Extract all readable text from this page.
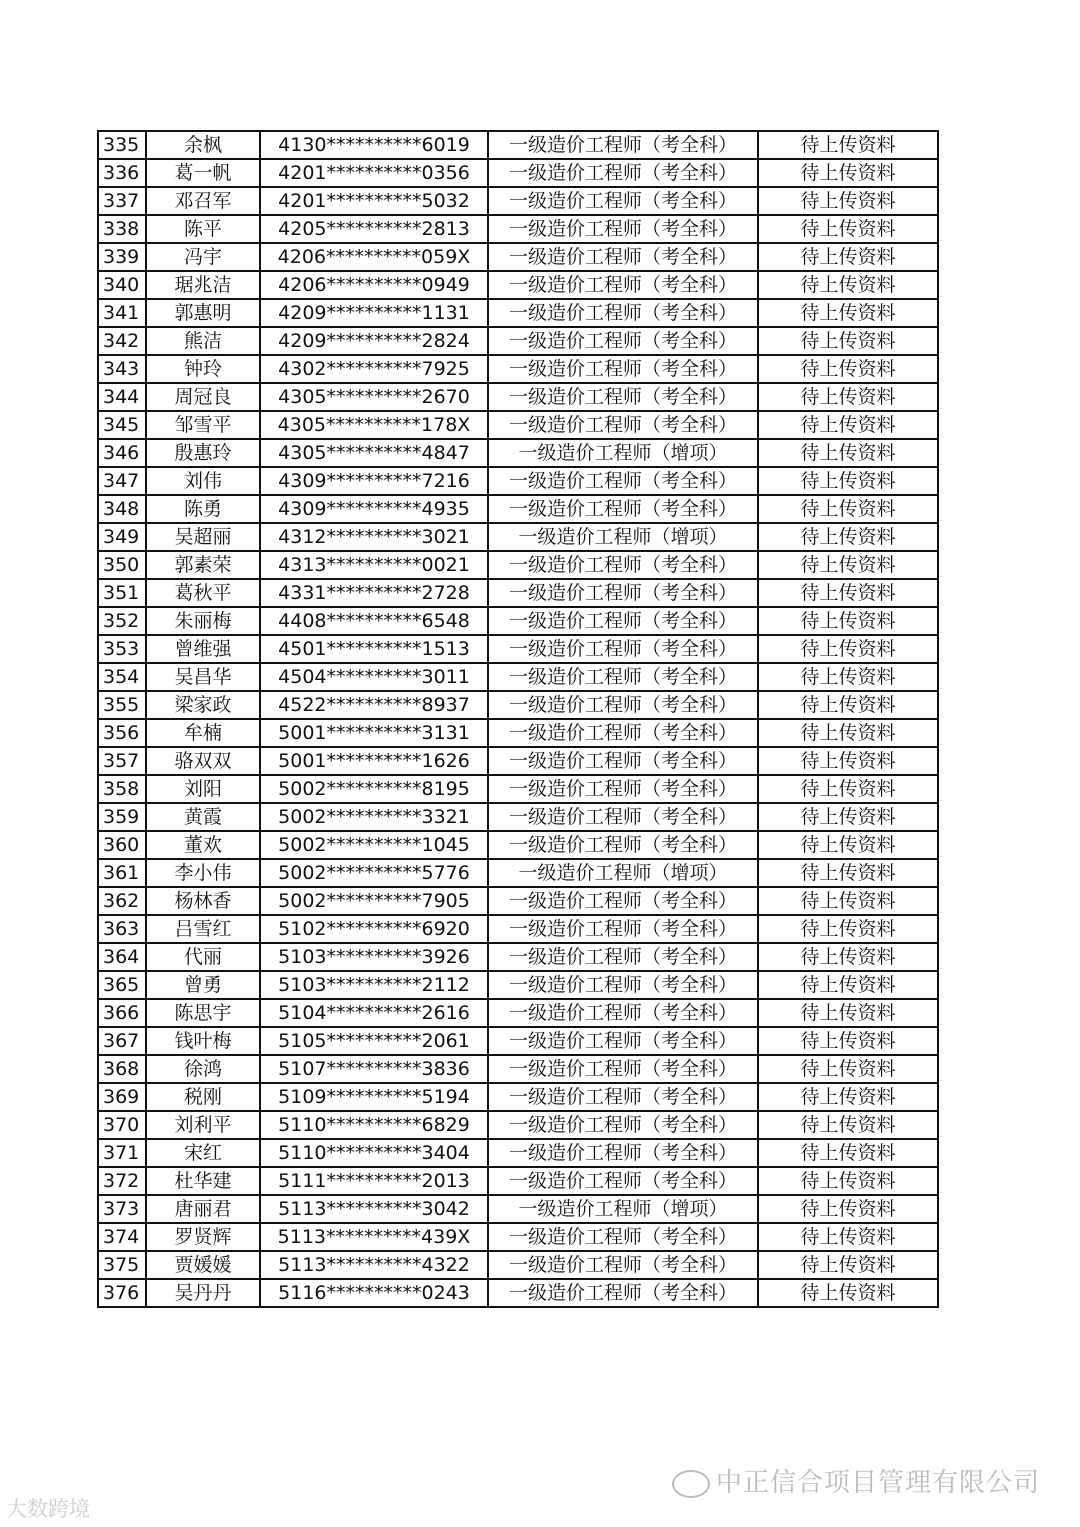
335	余枫	4130**********6019	一级造价工程师（考全科）	待上传资料
336	葛一帆	4201**********0356	一级造价工程师（考全科）	待上传资料
337	邓召军	4201**********5032	一级造价工程师（考全科）	待上传资料
338	陈平	4205**********2813	一级造价工程师（考全科）	待上传资料
339	冯宇	4206**********059X	一级造价工程师（考全科）	待上传资料
340	琚兆洁	4206**********0949	一级造价工程师（考全科）	待上传资料
341	郭惠明	4209**********1131	一级造价工程师（考全科）	待上传资料
342	熊洁	4209**********2824	一级造价工程师（考全科）	待上传资料
343	钟玲	4302**********7925	一级造价工程师（考全科）	待上传资料
344	周冠良	4305**********2670	一级造价工程师（考全科）	待上传资料
345	邹雪平	4305**********178X	一级造价工程师（考全科）	待上传资料
346	殷惠玲	4305**********4847	一级造价工程师（增项）	待上传资料
347	刘伟	4309**********7216	一级造价工程师（考全科）	待上传资料
348	陈勇	4309**********4935	一级造价工程师（考全科）	待上传资料
349	吴超丽	4312**********3021	一级造价工程师（增项）	待上传资料
350	郭素荣	4313**********0021	一级造价工程师（考全科）	待上传资料
351	葛秋平	4331**********2728	一级造价工程师（考全科）	待上传资料
352	朱丽梅	4408**********6548	一级造价工程师（考全科）	待上传资料
353	曾维强	4501**********1513	一级造价工程师（考全科）	待上传资料
354	吴昌华	4504**********3011	一级造价工程师（考全科）	待上传资料
355	梁家政	4522**********8937	一级造价工程师（考全科）	待上传资料
356	牟楠	5001**********3131	一级造价工程师（考全科）	待上传资料
357	骆双双	5001**********1626	一级造价工程师（考全科）	待上传资料
358	刘阳	5002**********8195	一级造价工程师（考全科）	待上传资料
359	黄霞	5002**********3321	一级造价工程师（考全科）	待上传资料
360	董欢	5002**********1045	一级造价工程师（考全科）	待上传资料
361	李小伟	5002**********5776	一级造价工程师（增项）	待上传资料
362	杨林香	5002**********7905	一级造价工程师（考全科）	待上传资料
363	吕雪红	5102**********6920	一级造价工程师（考全科）	待上传资料
364	代丽	5103**********3926	一级造价工程师（考全科）	待上传资料
365	曾勇	5103**********2112	一级造价工程师（考全科）	待上传资料
366	陈思宇	5104**********2616	一级造价工程师（考全科）	待上传资料
367	钱叶梅	5105**********2061	一级造价工程师（考全科）	待上传资料
368	徐鸿	5107**********3836	一级造价工程师（考全科）	待上传资料
369	税刚	5109**********5194	一级造价工程师（考全科）	待上传资料
370	刘利平	5110**********6829	一级造价工程师（考全科）	待上传资料
371	宋红	5110**********3404	一级造价工程师（考全科）	待上传资料
372	杜华建	5111**********2013	一级造价工程师（考全科）	待上传资料
373	唐丽君	5113**********3042	一级造价工程师（增项）	待上传资料
374	罗贤辉	5113**********439X	一级造价工程师（考全科）	待上传资料
375	贾媛媛	5113**********4322	一级造价工程师（考全科）	待上传资料
376	吴丹丹	5116**********0243	一级造价工程师（考全科）	待上传资料
中正信合项目管理有限公司
大数跨境
